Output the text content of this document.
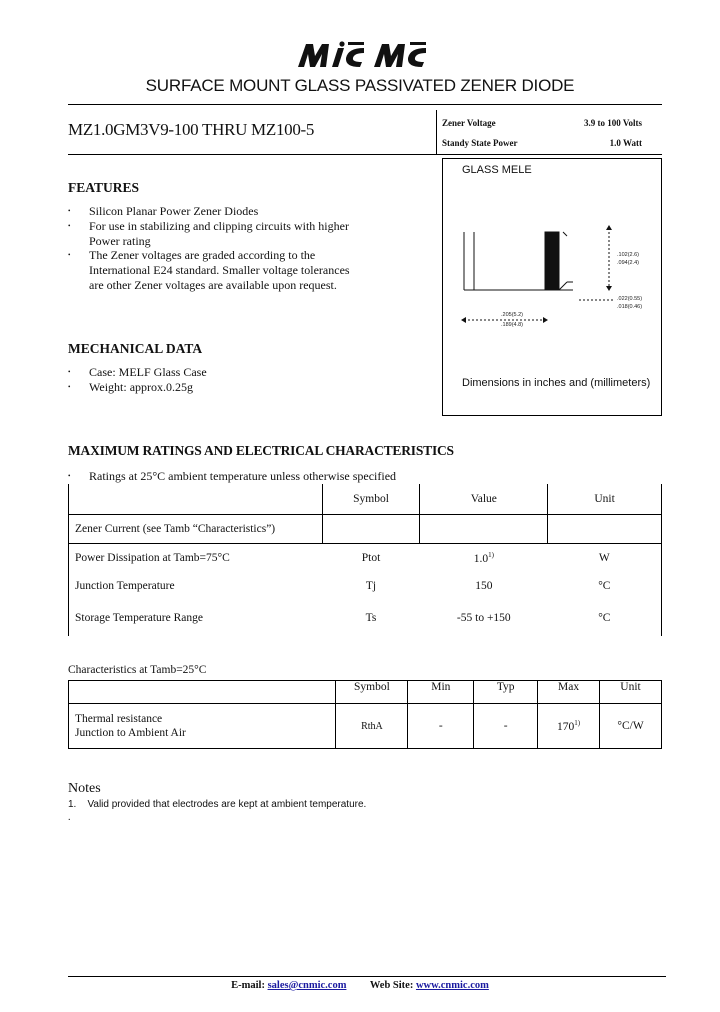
MIC MC
SURFACE MOUNT GLASS PASSIVATED ZENER DIODE
MZ1.0GM3V9-100 THRU MZ100-5	Zener Voltage	3.9 to 100 Volts
Standy State Power	1.0 Watt
FEATURES
• Silicon Planar Power Zener Diodes
• For use in stabilizing and clipping circuits with higher
Power rating
• The Zener voltages are graded according to the
International E24 standard. Smaller voltage tolerances
are other Zener voltages are available upon request.
MECHANICAL DATA
• Case: MELF Glass Case
• Weight: approx.0.25g
GLASS MELE
.102(2.6)
.094(2.4)
.022(0.55)
.018(0.46)
.205(5.2)
.189(4.8)
Dimensions in inches and (millimeters)
MAXIMUM RATINGS AND ELECTRICAL CHARACTERISTICS
• Ratings at 25°C ambient temperature unless otherwise specified
	Symbol	Value	Unit
Zener Current (see Tamb “Characteristics”)			
Power Dissipation at Tamb=75°C	Ptot	1.0$^{1)}$	W
Junction Temperature	Tj	150	°C
Storage Temperature Range	Ts	-55 to +150	°C
Characteristics at Tamb=25°C
	Symbol	Min	Typ	Max	Unit
Thermal resistance
Junction to Ambient Air	RthA	-	-	170$^{1)}$	°C/W
Notes
1.    Valid provided that electrodes are kept at ambient temperature.
.
E-mail: sales@cnmic.com Web Site: www.cnmic.com
